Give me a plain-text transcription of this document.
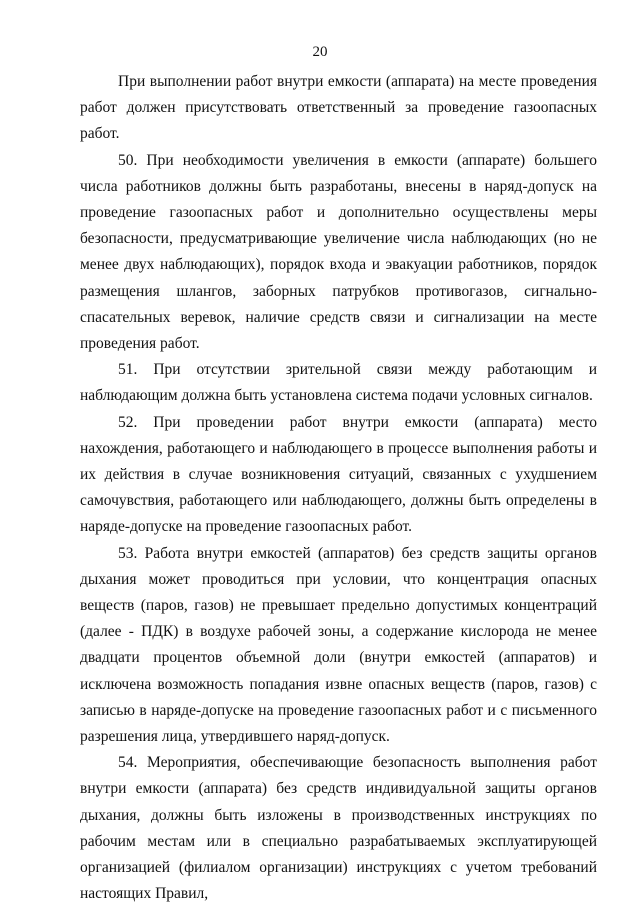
20

При выполнении работ внутри емкости (аппарата) на месте проведения работ должен присутствовать ответственный за проведение газоопасных работ.

50. При необходимости увеличения в емкости (аппарате) большего числа работников должны быть разработаны, внесены в наряд-допуск на проведение газоопасных работ и дополнительно осуществлены меры безопасности, предусматривающие увеличение числа наблюдающих (но не менее двух наблюдающих), порядок входа и эвакуации работников, порядок размещения шлангов, заборных патрубков противогазов, сигнально-спасательных веревок, наличие средств связи и сигнализации на месте проведения работ.

51. При отсутствии зрительной связи между работающим и наблюдающим должна быть установлена система подачи условных сигналов.

52. При проведении работ внутри емкости (аппарата) место нахождения, работающего и наблюдающего в процессе выполнения работы и их действия в случае возникновения ситуаций, связанных с ухудшением самочувствия, работающего или наблюдающего, должны быть определены в наряде-допуске на проведение газоопасных работ.

53. Работа внутри емкостей (аппаратов) без средств защиты органов дыхания может проводиться при условии, что концентрация опасных веществ (паров, газов) не превышает предельно допустимых концентраций (далее - ПДК) в воздухе рабочей зоны, а содержание кислорода не менее двадцати процентов объемной доли (внутри емкостей (аппаратов) и исключена возможность попадания извне опасных веществ (паров, газов) с записью в наряде-допуске на проведение газоопасных работ и с письменного разрешения лица, утвердившего наряд-допуск.

54. Мероприятия, обеспечивающие безопасность выполнения работ внутри емкости (аппарата) без средств индивидуальной защиты органов дыхания, должны быть изложены в производственных инструкциях по рабочим местам или в специально разрабатываемых эксплуатирующей организацией (филиалом организации) инструкциях с учетом требований настоящих Правил,
